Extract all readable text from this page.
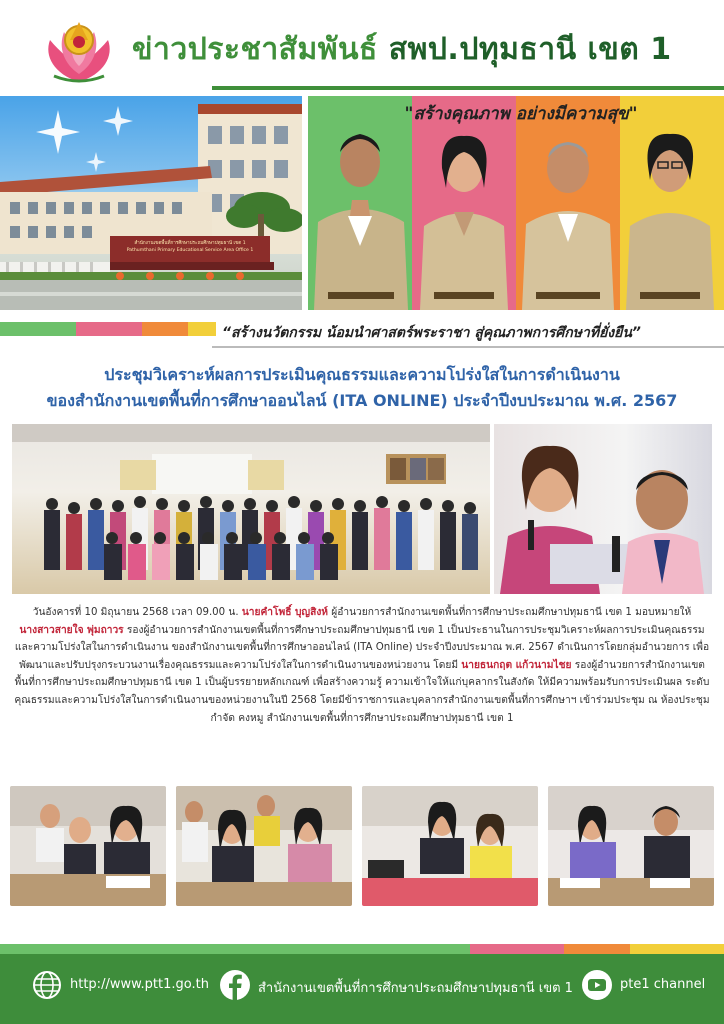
ข่าวประชาสัมพันธ์ สพป.ปทุมธานี เขต 1
สำนักงานเขตพื้นที่การศึกษาประถมศึกษาปทุมธานี เขต 1
Pathumthani Primary Educational Service Area Office 1
"สร้างคุณภาพ อย่างมีความสุข"
“สร้างนวัตกรรม น้อมนำศาสตร์พระราชา สู่คุณภาพการศึกษาที่ยั่งยืน”
ประชุมวิเคราะห์ผลการประเมินคุณธรรมและความโปร่งใสในการดำเนินงาน
ของสำนักงานเขตพื้นที่การศึกษาออนไลน์ (ITA ONLINE) ประจำปีงบประมาณ พ.ศ. 2567
วันอังคารที่ 10 มิถุนายน 2568 เวลา 09.00 น. นายคำโพธิ์ บุญสิงห์ ผู้อำนวยการสำนักงานเขตพื้นที่การศึกษาประถมศึกษาปทุมธานี เขต 1 มอบหมายให้ นางสาวสายใจ พุ่มถาวร รองผู้อำนวยการสำนักงานเขตพื้นที่การศึกษาประถมศึกษาปทุมธานี เขต 1 เป็นประธานในการประชุมวิเคราะห์ผลการประเมินคุณธรรมและความโปร่งใสในการดำเนินงาน ของสำนักงานเขตพื้นที่การศึกษาออนไลน์ (ITA Online) ประจำปีงบประมาณ พ.ศ. 2567 ดำเนินการโดยกลุ่มอำนวยการ เพื่อพัฒนาและปรับปรุงกระบวนงานเรื่องคุณธรรมและความโปร่งใสในการดำเนินงานของหน่วยงาน โดยมี นายธนกฤต แก้วนามไชย รองผู้อำนวยการสำนักงานเขตพื้นที่การศึกษาประถมศึกษาปทุมธานี เขต 1 เป็นผู้บรรยายหลักเกณฑ์ เพื่อสร้างความรู้ ความเข้าใจให้แก่บุคลากรในสังกัด ให้มีความพร้อมรับการประเมินผล ระดับคุณธรรมและความโปร่งใสในการดำเนินงานของหน่วยงานในปี 2568 โดยมีข้าราชการและบุคลากรสำนักงานเขตพื้นที่การศึกษาฯ เข้าร่วมประชุม ณ ห้องประชุมกำจัด คงหมู สำนักงานเขตพื้นที่การศึกษาประถมศึกษาปทุมธานี เขต 1
http://www.ptt1.go.th	สำนักงานเขตพื้นที่การศึกษาประถมศึกษาปทุมธานี เขต 1	pte1 channel
